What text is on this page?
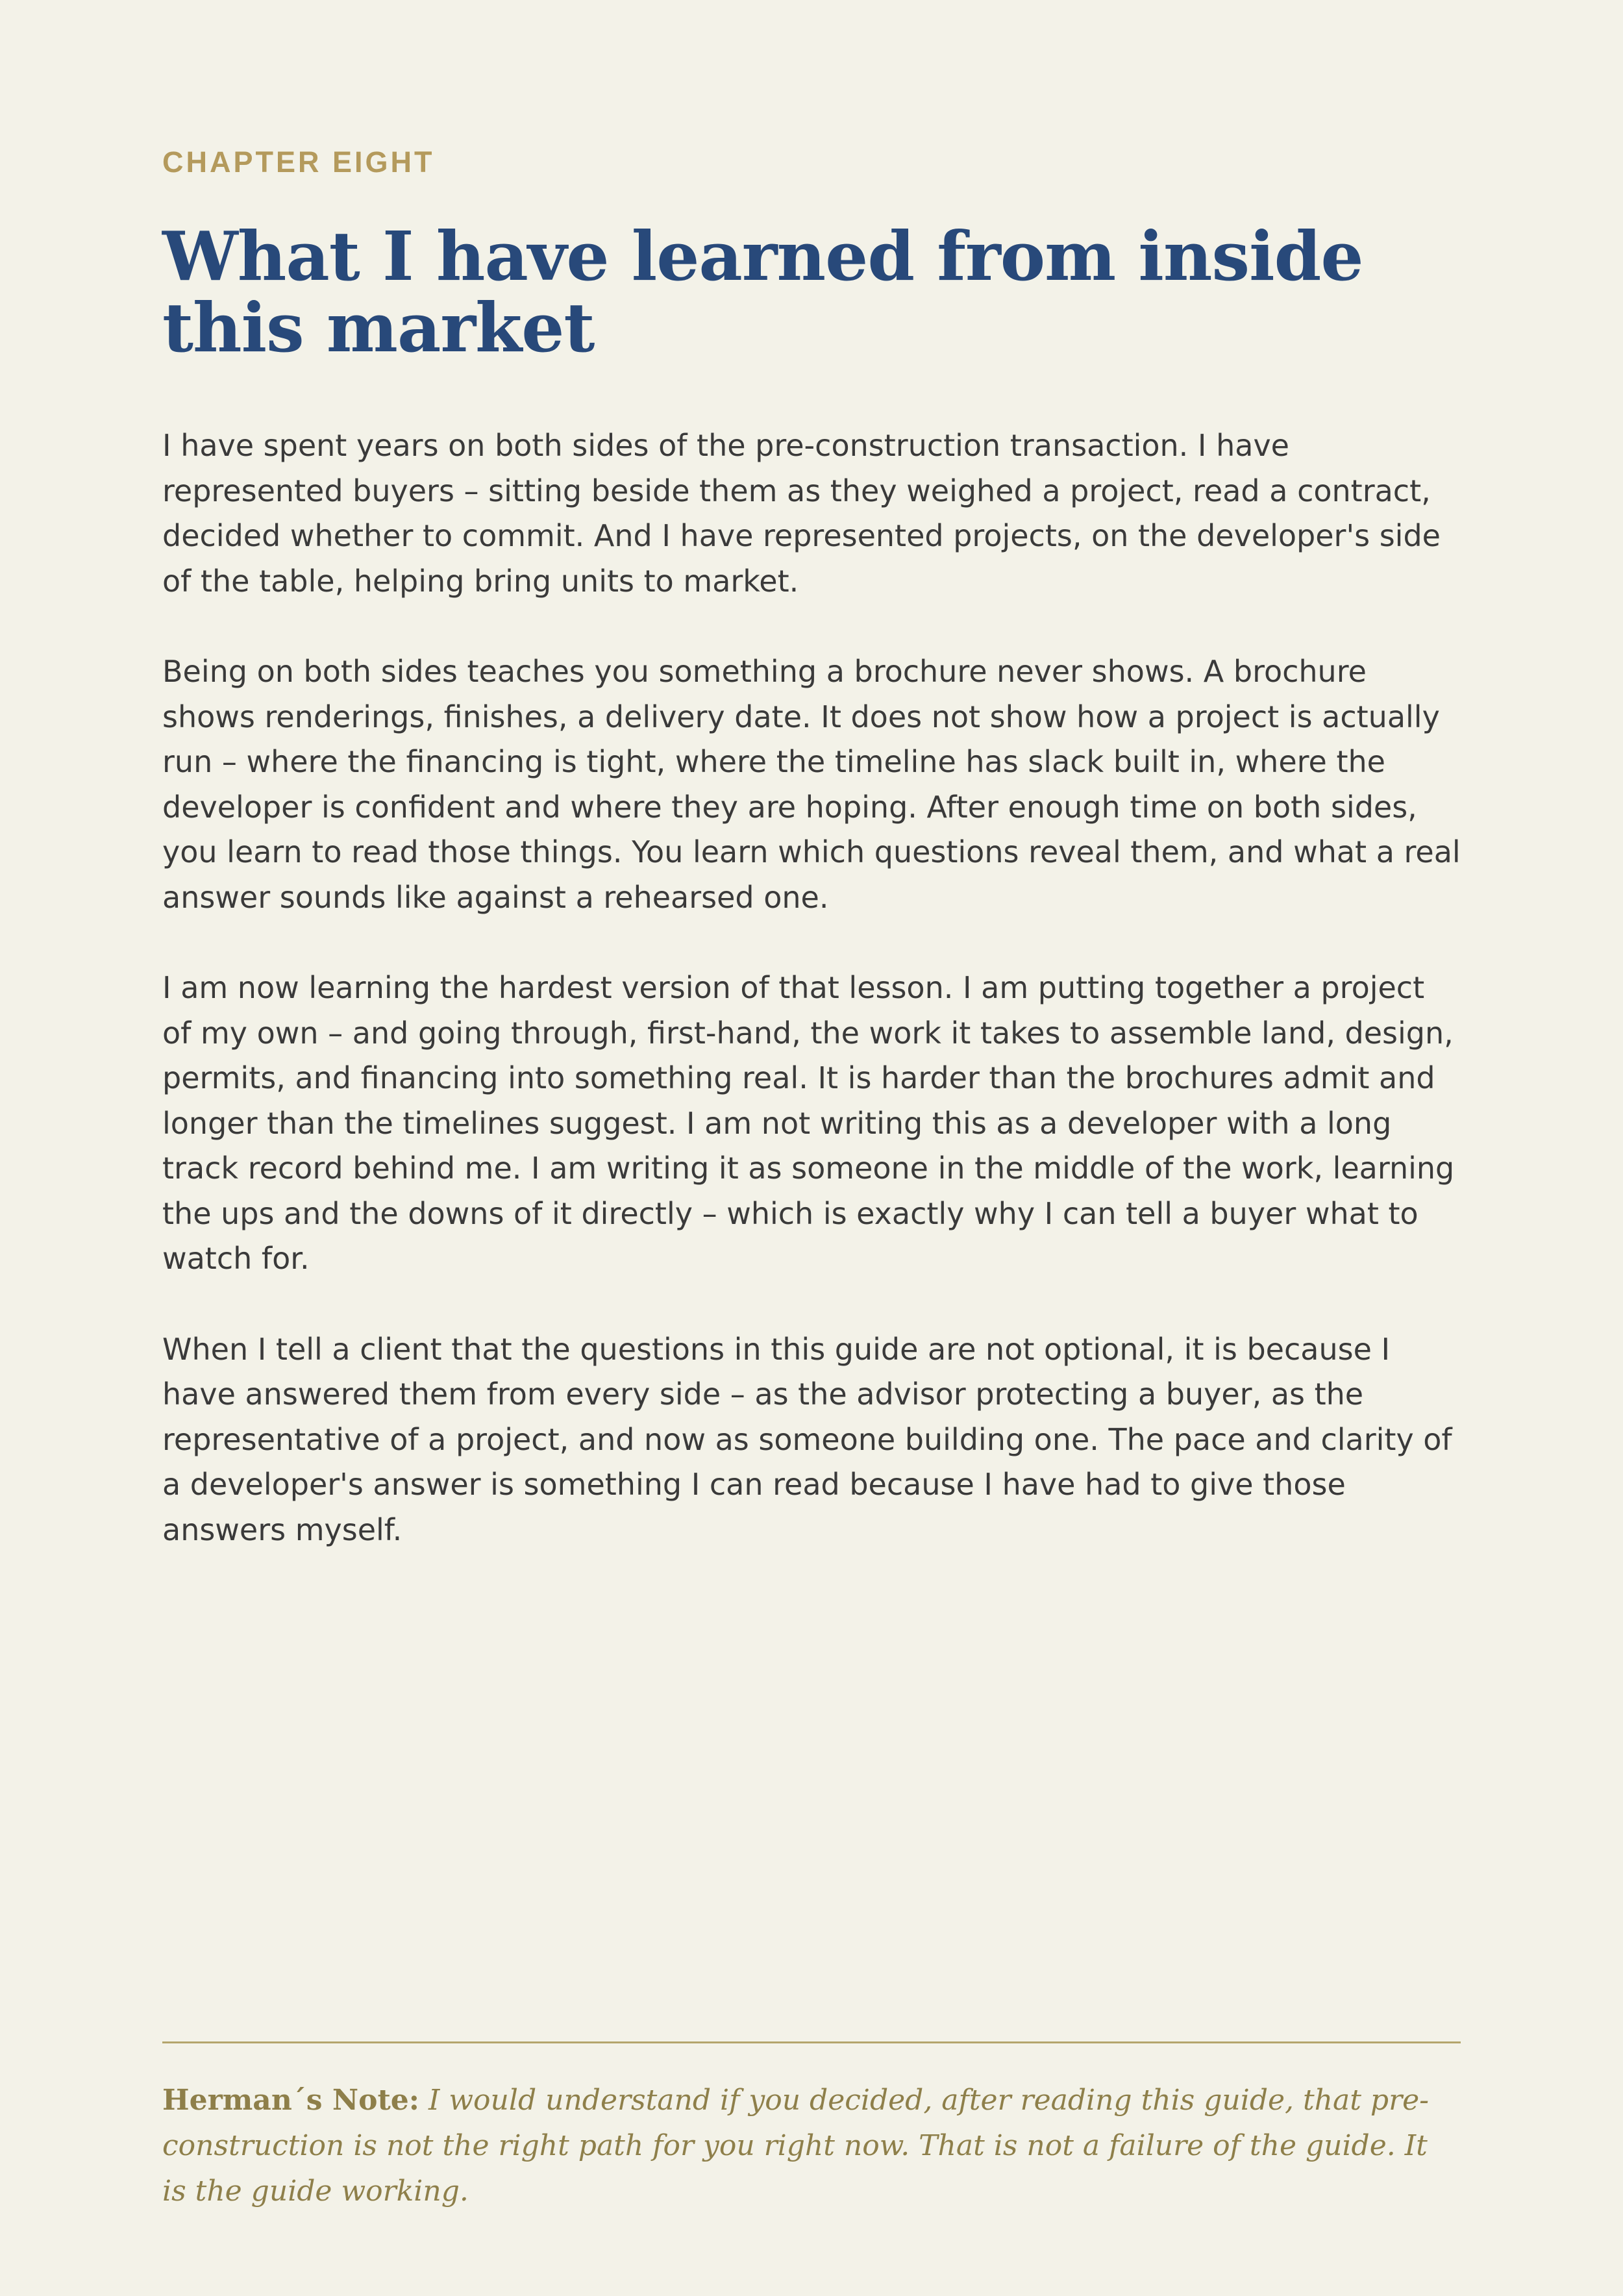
CHAPTER EIGHT
What I have learned from inside this market

I have spent years on both sides of the pre-construction transaction. I have represented buyers – sitting beside them as they weighed a project, read a contract, decided whether to commit. And I have represented projects, on the developer's side of the table, helping bring units to market.

Being on both sides teaches you something a brochure never shows. A brochure shows renderings, finishes, a delivery date. It does not show how a project is actually run – where the financing is tight, where the timeline has slack built in, where the developer is confident and where they are hoping. After enough time on both sides, you learn to read those things. You learn which questions reveal them, and what a real answer sounds like against a rehearsed one.

I am now learning the hardest version of that lesson. I am putting together a project of my own – and going through, first-hand, the work it takes to assemble land, design, permits, and financing into something real. It is harder than the brochures admit and longer than the timelines suggest. I am not writing this as a developer with a long track record behind me. I am writing it as someone in the middle of the work, learning the ups and the downs of it directly – which is exactly why I can tell a buyer what to watch for.

When I tell a client that the questions in this guide are not optional, it is because I have answered them from every side – as the advisor protecting a buyer, as the representative of a project, and now as someone building one. The pace and clarity of a developer's answer is something I can read because I have had to give those answers myself.

Herman´s Note: I would understand if you decided, after reading this guide, that pre-construction is not the right path for you right now. That is not a failure of the guide. It is the guide working.
